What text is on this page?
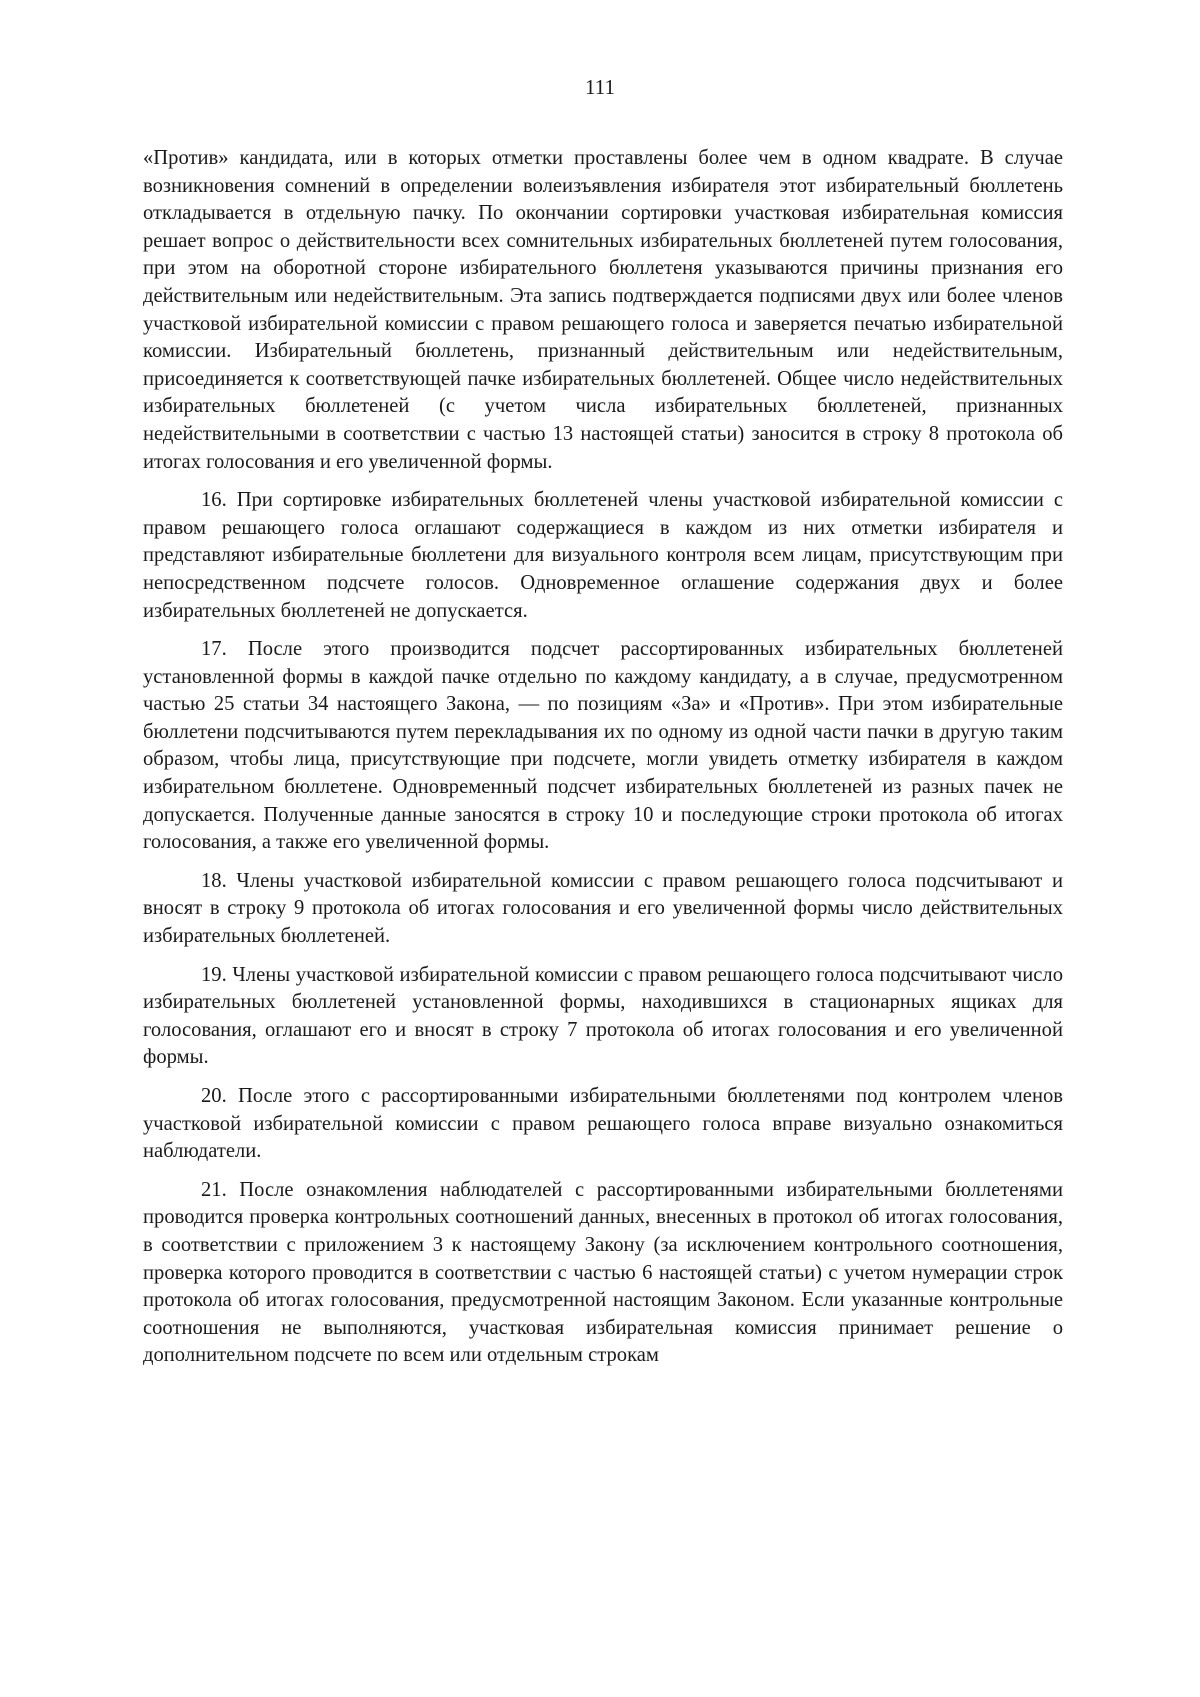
111

«Против» кандидата, или в которых отметки проставлены более чем в одном квадрате. В случае возникновения сомнений в определении волеизъявления избирателя этот избирательный бюллетень откладывается в отдельную пачку. По окончании сортировки участковая избирательная комиссия решает вопрос о действительности всех сомнительных избирательных бюллетеней путем голосования, при этом на оборотной стороне избирательного бюллетеня указываются причины признания его действительным или недействительным. Эта запись подтверждается подписями двух или более членов участковой избирательной комиссии с правом решающего голоса и заверяется печатью избирательной комиссии. Избирательный бюллетень, признанный действительным или недействительным, присоединяется к соответствующей пачке избирательных бюллетеней. Общее число недействительных избирательных бюллетеней (с учетом числа избирательных бюллетеней, признанных недействительными в соответствии с частью 13 настоящей статьи) заносится в строку 8 протокола об итогах голосования и его увеличенной формы.

16. При сортировке избирательных бюллетеней члены участковой избирательной комиссии с правом решающего голоса оглашают содержащиеся в каждом из них отметки избирателя и представляют избирательные бюллетени для визуального контроля всем лицам, присутствующим при непосредственном подсчете голосов. Одновременное оглашение содержания двух и более избирательных бюллетеней не допускается.

17. После этого производится подсчет рассортированных избирательных бюллетеней установленной формы в каждой пачке отдельно по каждому кандидату, а в случае, предусмотренном частью 25 статьи 34 настоящего Закона, — по позициям «За» и «Против». При этом избирательные бюллетени подсчитываются путем перекладывания их по одному из одной части пачки в другую таким образом, чтобы лица, присутствующие при подсчете, могли увидеть отметку избирателя в каждом избирательном бюллетене. Одновременный подсчет избирательных бюллетеней из разных пачек не допускается. Полученные данные заносятся в строку 10 и последующие строки протокола об итогах голосования, а также его увеличенной формы.

18. Члены участковой избирательной комиссии с правом решающего голоса подсчитывают и вносят в строку 9 протокола об итогах голосования и его увеличенной формы число действительных избирательных бюллетеней.

19. Члены участковой избирательной комиссии с правом решающего голоса подсчитывают число избирательных бюллетеней установленной формы, находившихся в стационарных ящиках для голосования, оглашают его и вносят в строку 7 протокола об итогах голосования и его увеличенной формы.

20. После этого с рассортированными избирательными бюллетенями под контролем членов участковой избирательной комиссии с правом решающего голоса вправе визуально ознакомиться наблюдатели.

21. После ознакомления наблюдателей с рассортированными избирательными бюллетенями проводится проверка контрольных соотношений данных, внесенных в протокол об итогах голосования, в соответствии с приложением 3 к настоящему Закону (за исключением контрольного соотношения, проверка которого проводится в соответствии с частью 6 настоящей статьи) с учетом нумерации строк протокола об итогах голосования, предусмотренной настоящим Законом. Если указанные контрольные соотношения не выполняются, участковая избирательная комиссия принимает решение о дополнительном подсчете по всем или отдельным строкам
